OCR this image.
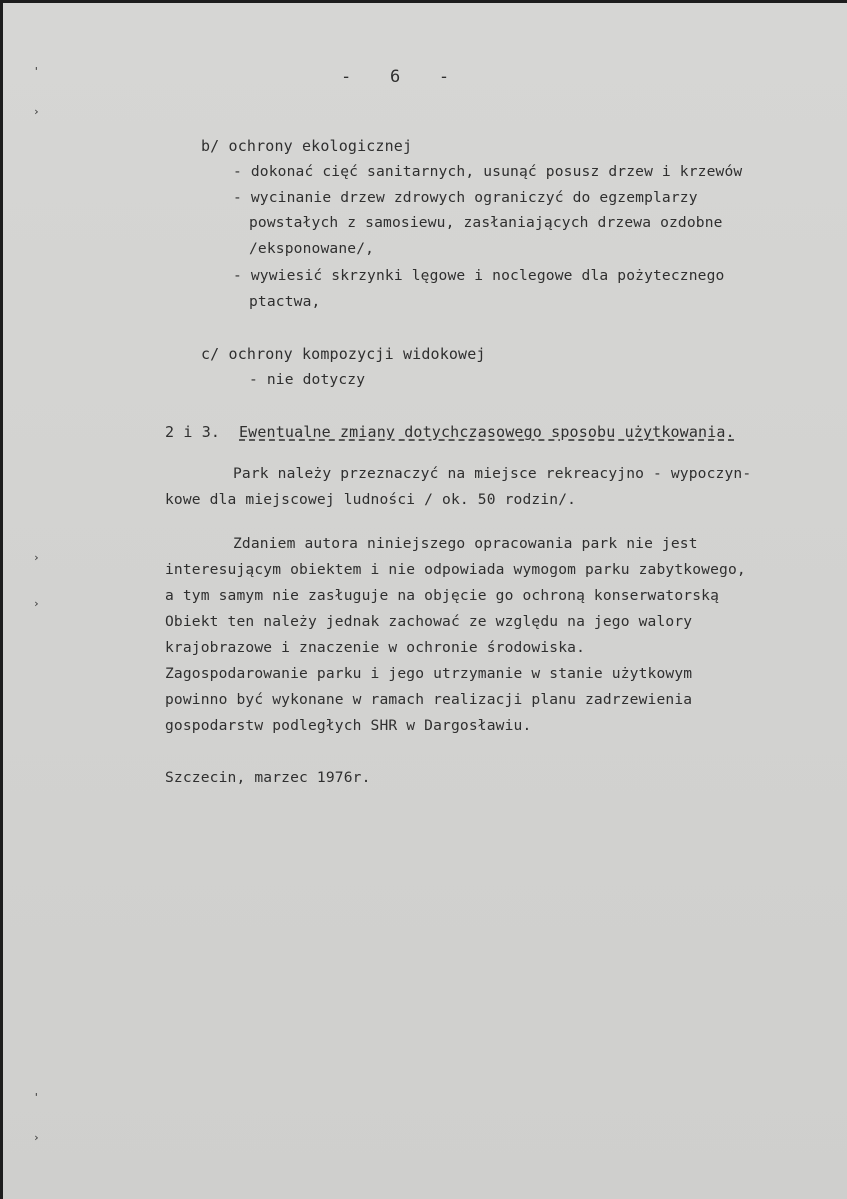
'
›
›
›
'
›
-   6   -
b/ ochrony ekologicznej
- dokonać cięć sanitarnych, usunąć posusz drzew i krzewów
- wycinanie drzew zdrowych ograniczyć do egzemplarzy
powstałych z samosiewu, zasłaniających drzewa ozdobne
/eksponowane/,
- wywiesić skrzynki lęgowe i noclegowe dla pożytecznego
ptactwa,
c/ ochrony kompozycji widokowej
- nie dotyczy
2 i 3. Ewentualne zmiany dotychczasowego sposobu użytkowania.
Park należy przeznaczyć na miejsce rekreacyjno - wypoczyn-
kowe dla miejscowej ludności / ok. 50 rodzin/.
Zdaniem autora niniejszego opracowania park nie jest
interesującym obiektem i nie odpowiada wymogom parku zabytkowego,
a tym samym nie zasługuje na objęcie go ochroną konserwatorską
Obiekt ten należy jednak zachować ze względu na jego walory
krajobrazowe i znaczenie w ochronie środowiska.
Zagospodarowanie parku i jego utrzymanie w stanie użytkowym
powinno być wykonane w ramach realizacji planu zadrzewienia
gospodarstw podległych SHR w Dargosławiu.
Szczecin, marzec 1976r.
